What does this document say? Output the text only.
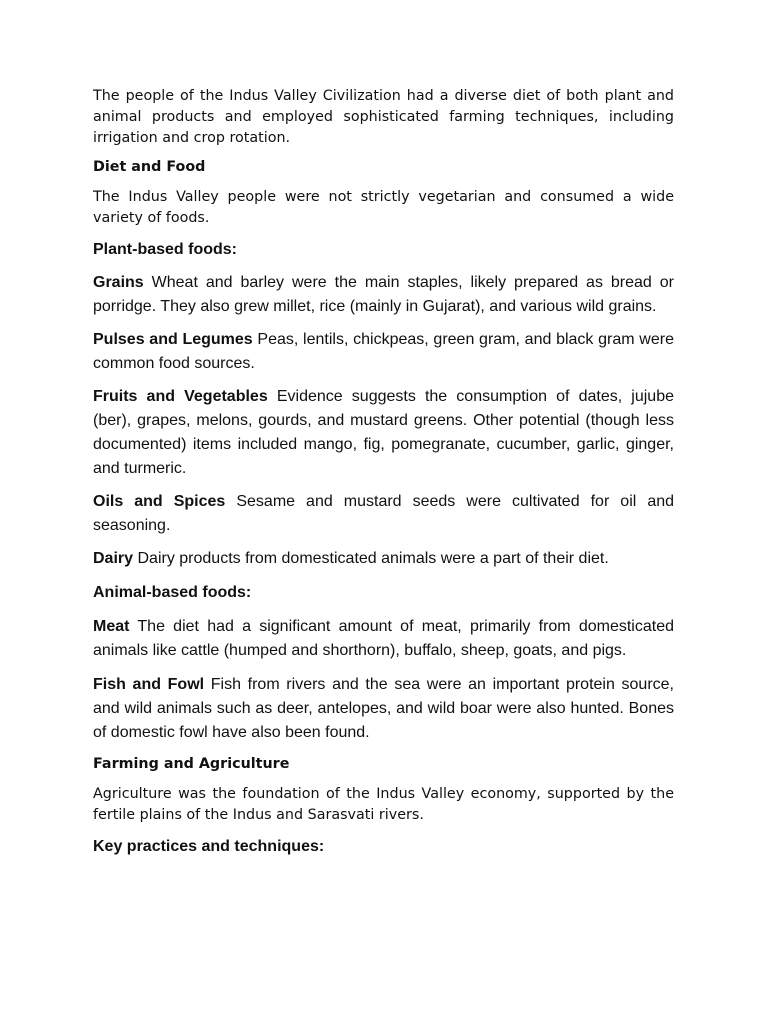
The people of the Indus Valley Civilization had a diverse diet of both plant and animal products and employed sophisticated farming techniques, including irrigation and crop rotation.

Diet and Food

The Indus Valley people were not strictly vegetarian and consumed a wide variety of foods.

Plant-based foods:

Grains Wheat and barley were the main staples, likely prepared as bread or porridge. They also grew millet, rice (mainly in Gujarat), and various wild grains.

Pulses and Legumes Peas, lentils, chickpeas, green gram, and black gram were common food sources.

Fruits and Vegetables Evidence suggests the consumption of dates, jujube (ber), grapes, melons, gourds, and mustard greens. Other potential (though less documented) items included mango, fig, pomegranate, cucumber, garlic, ginger, and turmeric.

Oils and Spices Sesame and mustard seeds were cultivated for oil and seasoning.

Dairy Dairy products from domesticated animals were a part of their diet.

Animal-based foods:

Meat The diet had a significant amount of meat, primarily from domesticated animals like cattle (humped and shorthorn), buffalo, sheep, goats, and pigs.

Fish and Fowl Fish from rivers and the sea were an important protein source, and wild animals such as deer, antelopes, and wild boar were also hunted. Bones of domestic fowl have also been found.

Farming and Agriculture

Agriculture was the foundation of the Indus Valley economy, supported by the fertile plains of the Indus and Sarasvati rivers.

Key practices and techniques:
